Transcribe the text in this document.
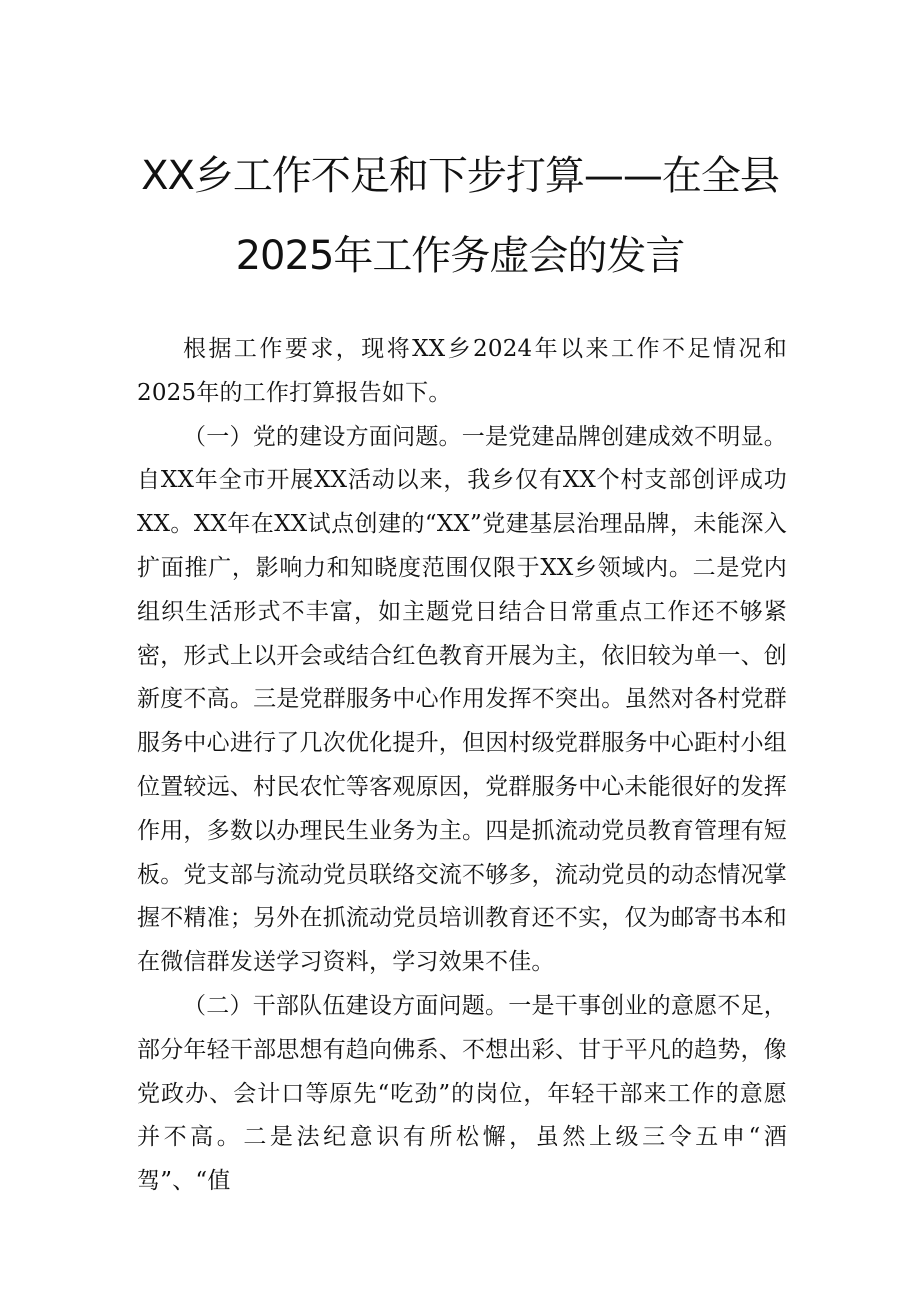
XX乡工作不足和下步打算——在全县
2025年工作务虚会的发言

根据工作要求，现将XX乡2024年以来工作不足情况和2025年的工作打算报告如下。

（一）党的建设方面问题。一是党建品牌创建成效不明显。自XX年全市开展XX活动以来，我乡仅有XX个村支部创评成功XX。XX年在XX试点创建的“XX”党建基层治理品牌，未能深入扩面推广，影响力和知晓度范围仅限于XX乡领域内。二是党内组织生活形式不丰富，如主题党日结合日常重点工作还不够紧密，形式上以开会或结合红色教育开展为主，依旧较为单一、创新度不高。三是党群服务中心作用发挥不突出。虽然对各村党群服务中心进行了几次优化提升，但因村级党群服务中心距村小组位置较远、村民农忙等客观原因，党群服务中心未能很好的发挥作用，多数以办理民生业务为主。四是抓流动党员教育管理有短板。党支部与流动党员联络交流不够多，流动党员的动态情况掌握不精准；另外在抓流动党员培训教育还不实，仅为邮寄书本和在微信群发送学习资料，学习效果不佳。

（二）干部队伍建设方面问题。一是干事创业的意愿不足，部分年轻干部思想有趋向佛系、不想出彩、甘于平凡的趋势，像党政办、会计口等原先“吃劲”的岗位，年轻干部来工作的意愿并不高。二是法纪意识有所松懈，虽然上级三令五申“酒驾”、“值
